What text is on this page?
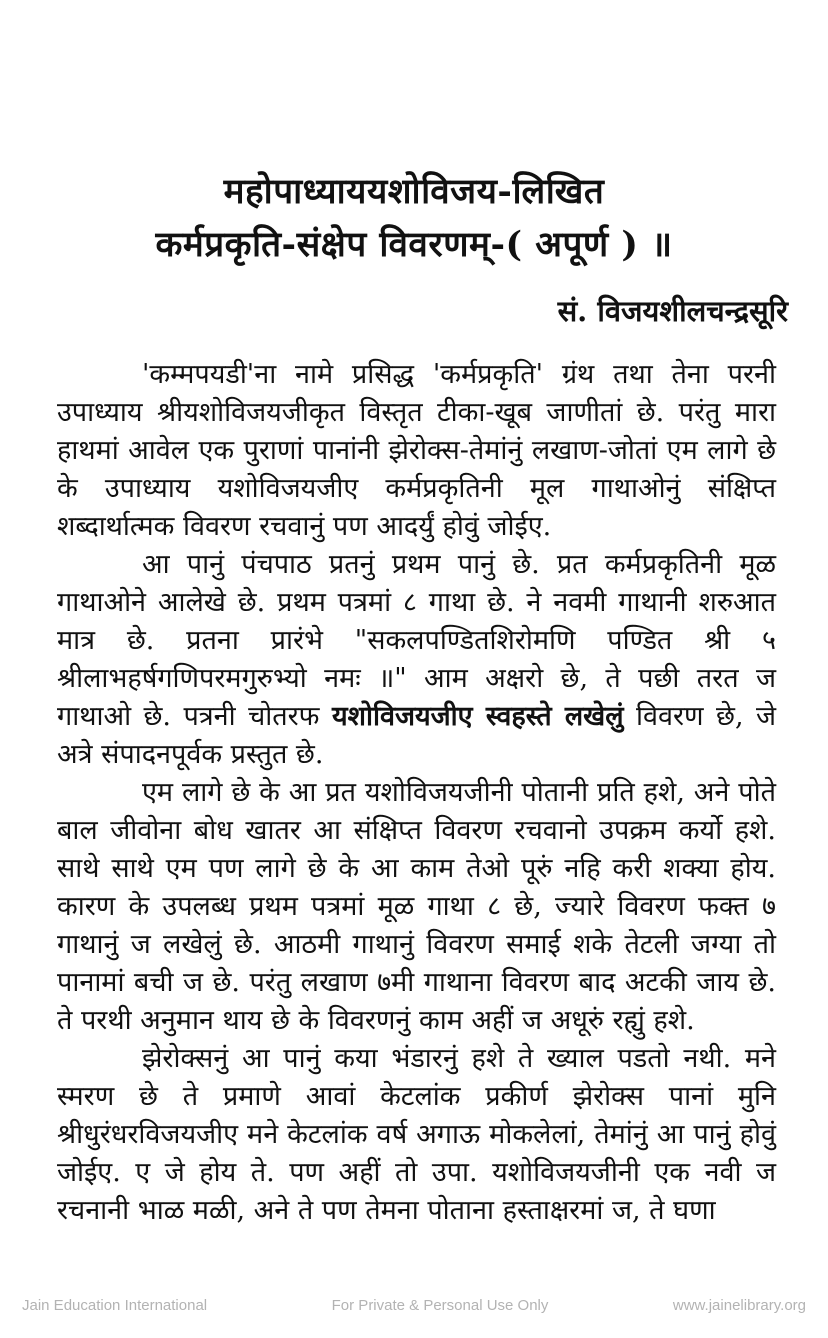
महोपाध्याययशोविजय-लिखित
कर्मप्रकृति-संक्षेप विवरणम्-( अपूर्ण ) ॥
सं. विजयशीलचन्द्रसूरि

'कम्मपयडी'ना नामे प्रसिद्ध 'कर्मप्रकृति' ग्रंथ तथा तेना परनी उपाध्याय श्रीयशोविजयजीकृत विस्तृत टीका-खूब जाणीतां छे. परंतु मारा हाथमां आवेल एक पुराणां पानांनी झेरोक्स-तेमांनुं लखाण-जोतां एम लागे छे के उपाध्याय यशोविजयजीए कर्मप्रकृतिनी मूल गाथाओनुं संक्षिप्त शब्दार्थात्मक विवरण रचवानुं पण आदर्युं होवुं जोईए.

आ पानुं पंचपाठ प्रतनुं प्रथम पानुं छे. प्रत कर्मप्रकृतिनी मूळ गाथाओने आलेखे छे. प्रथम पत्रमां ८ गाथा छे. ने नवमी गाथानी शरुआत मात्र छे. प्रतना प्रारंभे "सकलपण्डितशिरोमणि पण्डित श्री ५ श्रीलाभहर्षगणिपरमगुरुभ्यो नमः ॥" आम अक्षरो छे, ते पछी तरत ज गाथाओ छे. पत्रनी चोतरफ यशोविजयजीए स्वहस्ते लखेलुं विवरण छे, जे अत्रे संपादनपूर्वक प्रस्तुत छे.

एम लागे छे के आ प्रत यशोविजयजीनी पोतानी प्रति हशे, अने पोते बाल जीवोना बोध खातर आ संक्षिप्त विवरण रचवानो उपक्रम कर्यो हशे. साथे साथे एम पण लागे छे के आ काम तेओ पूरुं नहि करी शक्या होय. कारण के उपलब्ध प्रथम पत्रमां मूळ गाथा ८ छे, ज्यारे विवरण फक्त ७ गाथानुं ज लखेलुं छे. आठमी गाथानुं विवरण समाई शके तेटली जग्या तो पानामां बची ज छे. परंतु लखाण ७मी गाथाना विवरण बाद अटकी जाय छे. ते परथी अनुमान थाय छे के विवरणनुं काम अहीं ज अधूरुं रह्युं हशे.

झेरोक्सनुं आ पानुं कया भंडारनुं हशे ते ख्याल पडतो नथी. मने स्मरण छे ते प्रमाणे आवां केटलांक प्रकीर्ण झेरोक्स पानां मुनि श्रीधुरंधरविजयजीए मने केटलांक वर्ष अगाऊ मोकलेलां, तेमांनुं आ पानुं होवुं जोईए. ए जे होय ते. पण अहीं तो उपा. यशोविजयजीनी एक नवी ज रचनानी भाळ मळी, अने ते पण तेमना पोताना हस्ताक्षरमां ज, ते घणा

Jain Education International	For Private & Personal Use Only	www.jainelibrary.org
